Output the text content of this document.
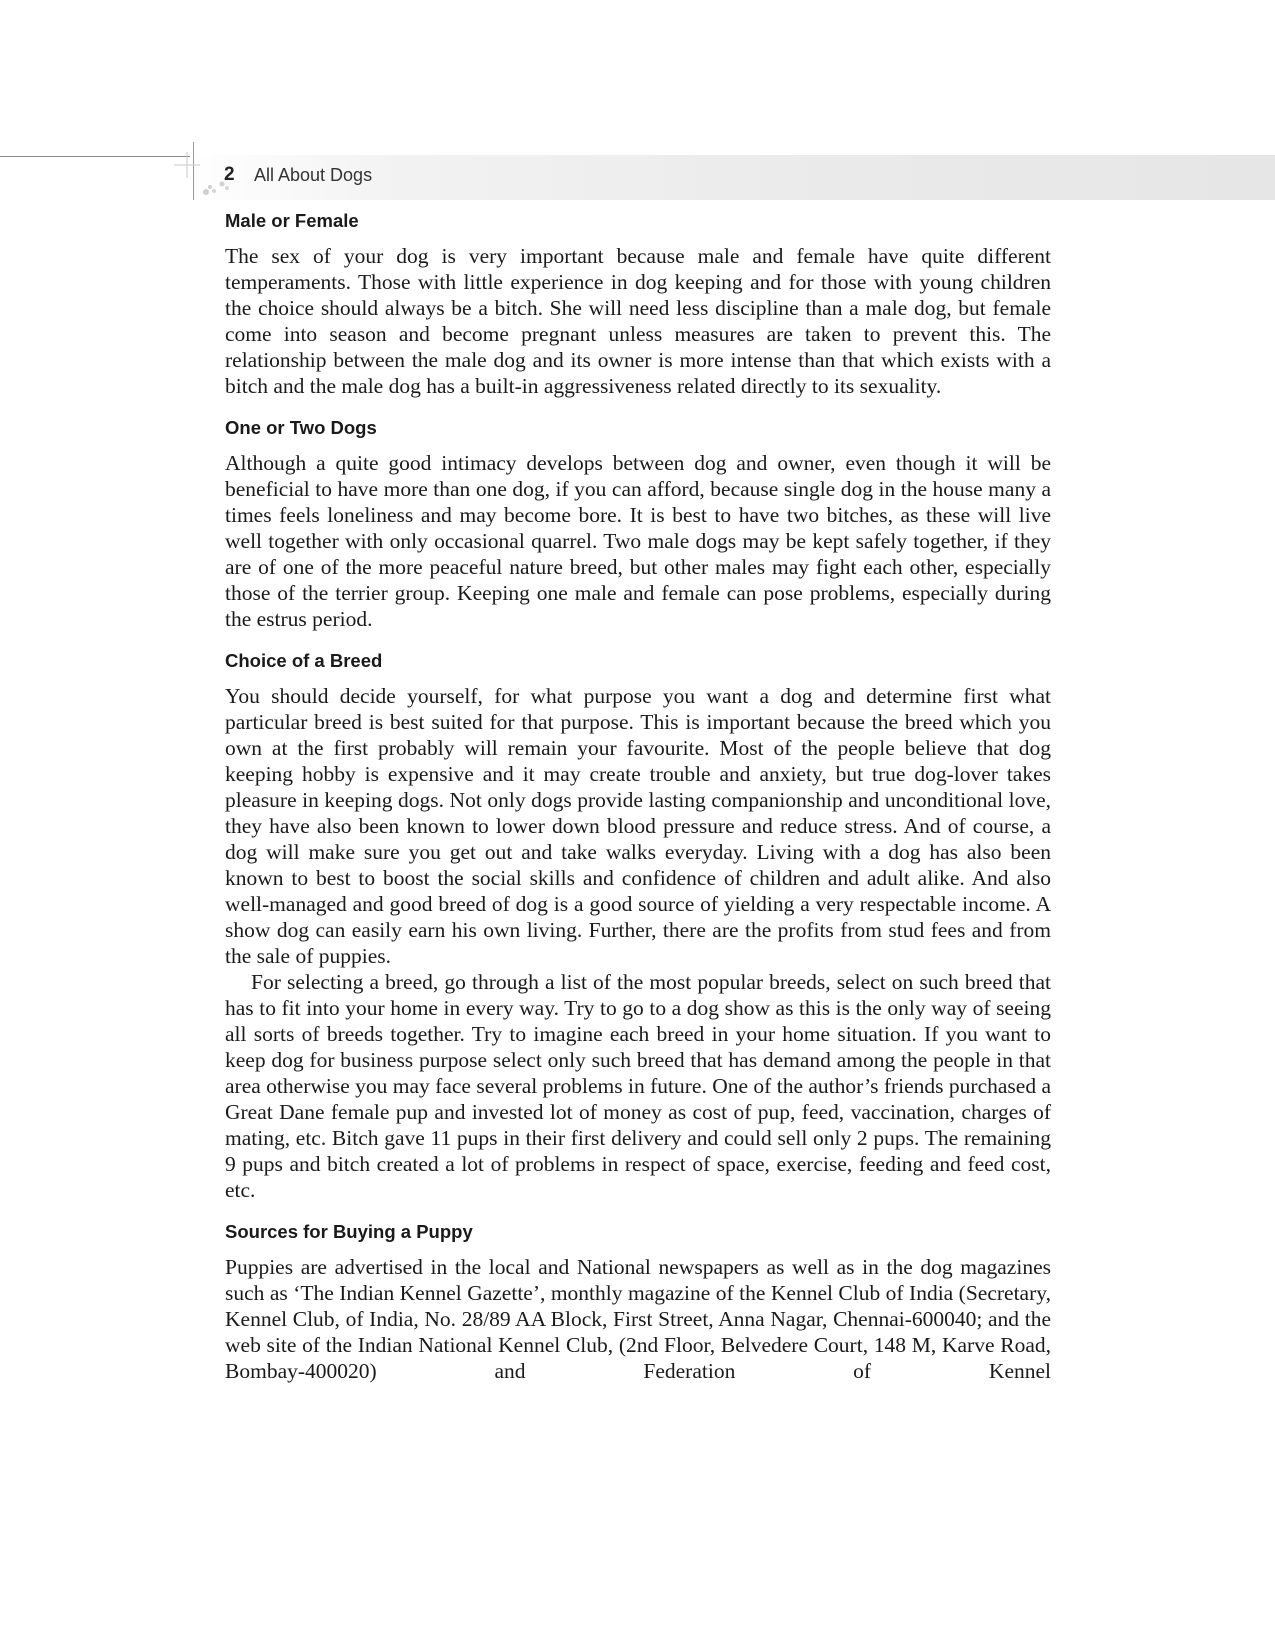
2 All About Dogs
Male or Female

The sex of your dog is very important because male and female have quite different temperaments. Those with little experience in dog keeping and for those with young children the choice should always be a bitch. She will need less discipline than a male dog, but female come into season and become pregnant unless measures are taken to prevent this. The relationship between the male dog and its owner is more intense than that which exists with a bitch and the male dog has a built-in aggressiveness related directly to its sexuality.

One or Two Dogs

Although a quite good intimacy develops between dog and owner, even though it will be beneficial to have more than one dog, if you can afford, because single dog in the house many a times feels loneliness and may become bore. It is best to have two bitches, as these will live well together with only occasional quarrel. Two male dogs may be kept safely together, if they are of one of the more peaceful nature breed, but other males may fight each other, especially those of the terrier group. Keeping one male and female can pose problems, especially during the estrus period.

Choice of a Breed

You should decide yourself, for what purpose you want a dog and determine first what particular breed is best suited for that purpose. This is important because the breed which you own at the first probably will remain your favourite. Most of the people believe that dog keeping hobby is expensive and it may create trouble and anxiety, but true dog-lover takes pleasure in keeping dogs. Not only dogs provide lasting companionship and unconditional love, they have also been known to lower down blood pressure and reduce stress. And of course, a dog will make sure you get out and take walks everyday. Living with a dog has also been known to best to boost the social skills and confidence of children and adult alike. And also well-managed and good breed of dog is a good source of yielding a very respectable income. A show dog can easily earn his own living. Further, there are the profits from stud fees and from the sale of puppies.

For selecting a breed, go through a list of the most popular breeds, select on such breed that has to fit into your home in every way. Try to go to a dog show as this is the only way of seeing all sorts of breeds together. Try to imagine each breed in your home situation. If you want to keep dog for business purpose select only such breed that has demand among the people in that area otherwise you may face several problems in future. One of the author’s friends purchased a Great Dane female pup and invested lot of money as cost of pup, feed, vaccination, charges of mating, etc. Bitch gave 11 pups in their first delivery and could sell only 2 pups. The remaining 9 pups and bitch created a lot of problems in respect of space, exercise, feeding and feed cost, etc.

Sources for Buying a Puppy

Puppies are advertised in the local and National newspapers as well as in the dog magazines such as ‘The Indian Kennel Gazette’, monthly magazine of the Kennel Club of India (Secretary, Kennel Club, of India, No. 28/89 AA Block, First Street, Anna Nagar, Chennai-600040; and the web site of the Indian National Kennel Club, (2nd Floor, Belvedere Court, 148 M, Karve Road, Bombay-400020) and Federation of Kennel
